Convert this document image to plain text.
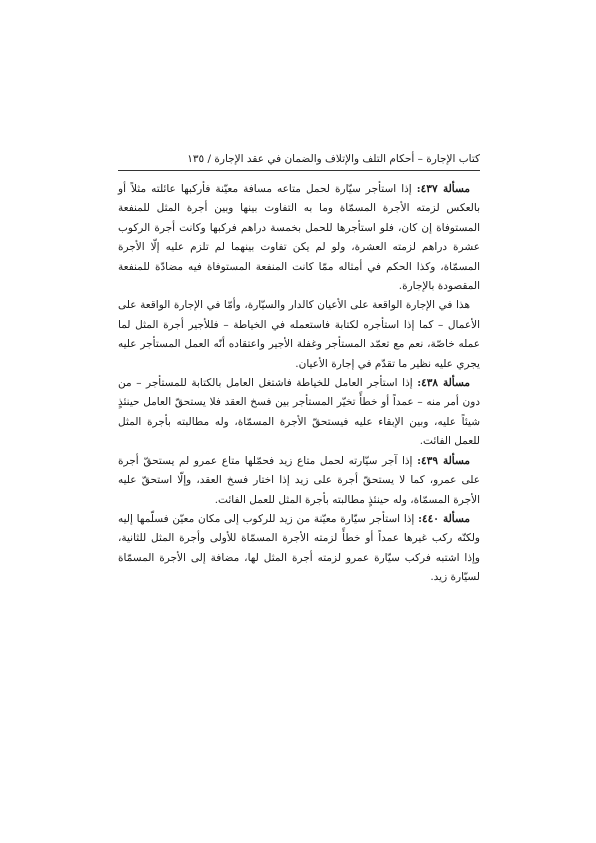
كتاب الإجارة – أحكام التلف والإتلاف والضمان في عقد الإجارة / ١٣٥

مسألة ٤٣٧: إذا استأجر سيّارة لحمل متاعه مسافة معيّنة فأركبها عائلته مثلاً أو بالعكس لزمته الأجرة المسمّاة وما به التفاوت بينها وبين أجرة المثل للمنفعة المستوفاة إن كان، فلو استأجرها للحمل بخمسة دراهم فركبها وكانت أجرة الركوب عشرة دراهم لزمته العشرة، ولو لم يكن تفاوت بينهما لم تلزم عليه إلّا الأجرة المسمّاة، وكذا الحكم في أمثاله ممّا كانت المنفعة المستوفاة فيه مضادّة للمنفعة المقصودة بالإجارة.

هذا في الإجارة الواقعة على الأعيان كالدار والسيّارة، وأمّا في الإجارة الواقعة على الأعمال – كما إذا استأجره لكتابة فاستعمله في الخياطة – فللأجير أجرة المثل لما عمله خاصّة، نعم مع تعمّد المستأجر وغفلة الأجير واعتقاده أنّه العمل المستأجر عليه يجري عليه نظير ما تقدّم في إجارة الأعيان.

مسألة ٤٣٨: إذا استأجر العامل للخياطة فاشتغل العامل بالكتابة للمستأجر – من دون أمر منه – عمداً أو خطأً تخيّر المستأجر بين فسخ العقد فلا يستحقّ العامل حينئذٍ شيئاً عليه، وبين الإبقاء عليه فيستحقّ الأجرة المسمّاة، وله مطالبته بأجرة المثل للعمل الفائت.

مسألة ٤٣٩: إذا آجر سيّارته لحمل متاع زيد فحمّلها متاع عمرو لم يستحقّ أجرة على عمرو، كما لا يستحقّ أجرة على زيد إذا اختار فسخ العقد، وإلّا استحقّ عليه الأجرة المسمّاة، وله حينئذٍ مطالبته بأجرة المثل للعمل الفائت.

مسألة ٤٤٠: إذا استأجر سيّارة معيّنة من زيد للركوب إلى مكان معيّن فسلّمها إليه ولكنّه ركب غيرها عمداً أو خطأً لزمته الأجرة المسمّاة للأولى وأجرة المثل للثانية، وإذا اشتبه فركب سيّارة عمرو لزمته أجرة المثل لها، مضافة إلى الأجرة المسمّاة لسيّارة زيد.
